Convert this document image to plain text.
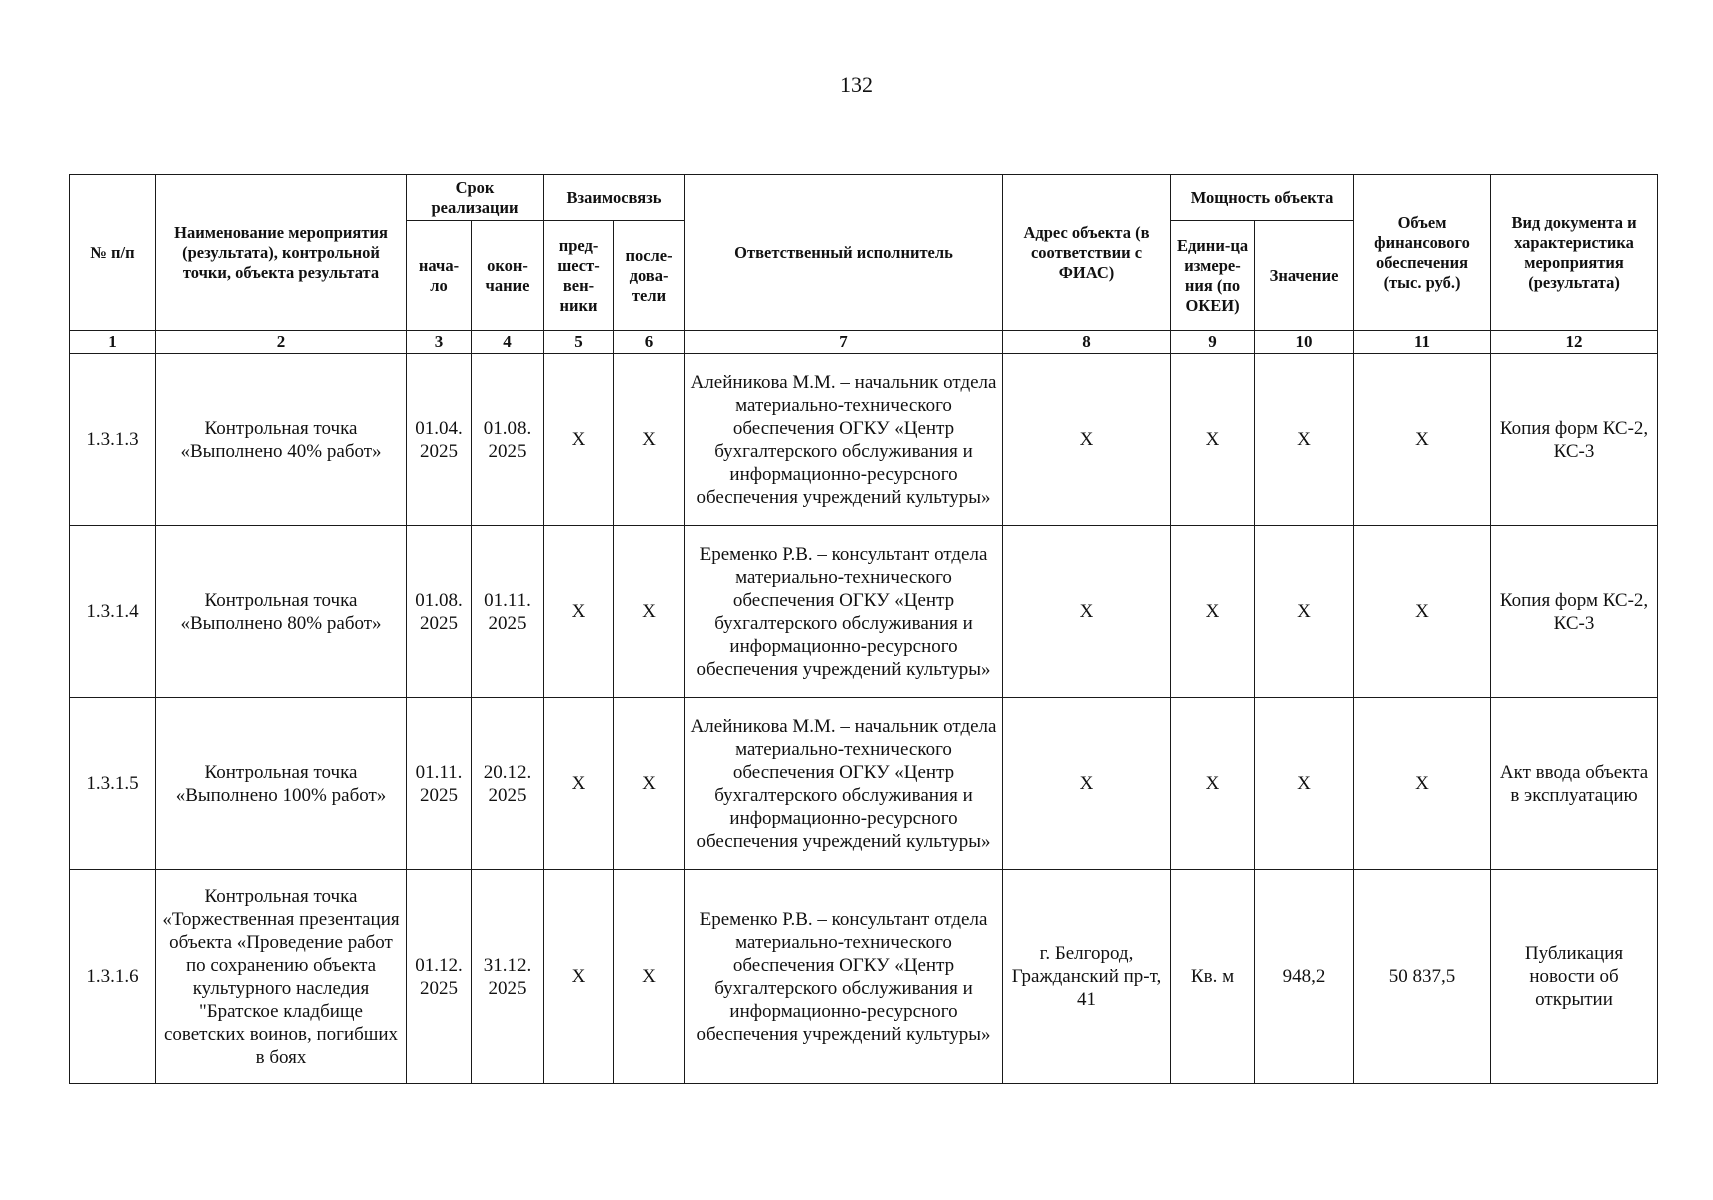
132
№ п/п	Наименование мероприятия (результата), контрольной точки, объекта результата	Срок реализации		Взаимосвязь		Ответственный исполнитель	Адрес объекта (в соответствии с ФИАС)	Мощность объекта		Объем финансового обеспечения (тыс. руб.)	Вид документа и характеристика мероприятия (результата)
		нача-ло	окон-чание	пред-шест-вен-ники	после-дова-тели			Едини-ца измере-ния (по ОКЕИ)	Значение		
1	2	3	4	5	6	7	8	9	10	11	12
1.3.1.3	Контрольная точка «Выполнено 40% работ»	01.04. 2025	01.08. 2025	Х	Х	Алейникова М.М. – начальник отдела материально-технического обеспечения ОГКУ «Центр бухгалтерского обслуживания и информационно-ресурсного обеспечения учреждений культуры»	Х	Х	Х	Х	Копия форм КС-2, КС-3
1.3.1.4	Контрольная точка «Выполнено 80% работ»	01.08. 2025	01.11. 2025	Х	Х	Еременко Р.В. – консультант отдела материально-технического обеспечения ОГКУ «Центр бухгалтерского обслуживания и информационно-ресурсного обеспечения учреждений культуры»	Х	Х	Х	Х	Копия форм КС-2, КС-3
1.3.1.5	Контрольная точка «Выполнено 100% работ»	01.11. 2025	20.12. 2025	Х	Х	Алейникова М.М. – начальник отдела материально-технического обеспечения ОГКУ «Центр бухгалтерского обслуживания и информационно-ресурсного обеспечения учреждений культуры»	Х	Х	Х	Х	Акт ввода объекта в эксплуатацию
1.3.1.6	Контрольная точка «Торжественная презентация объекта «Проведение работ по сохранению объекта культурного наследия "Братское кладбище советских воинов, погибших в боях	01.12. 2025	31.12. 2025	Х	Х	Еременко Р.В. – консультант отдела материально-технического обеспечения ОГКУ «Центр бухгалтерского обслуживания и информационно-ресурсного обеспечения учреждений культуры»	г. Белгород, Гражданский пр-т, 41	Кв. м	948,2	50 837,5	Публикация новости об открытии
